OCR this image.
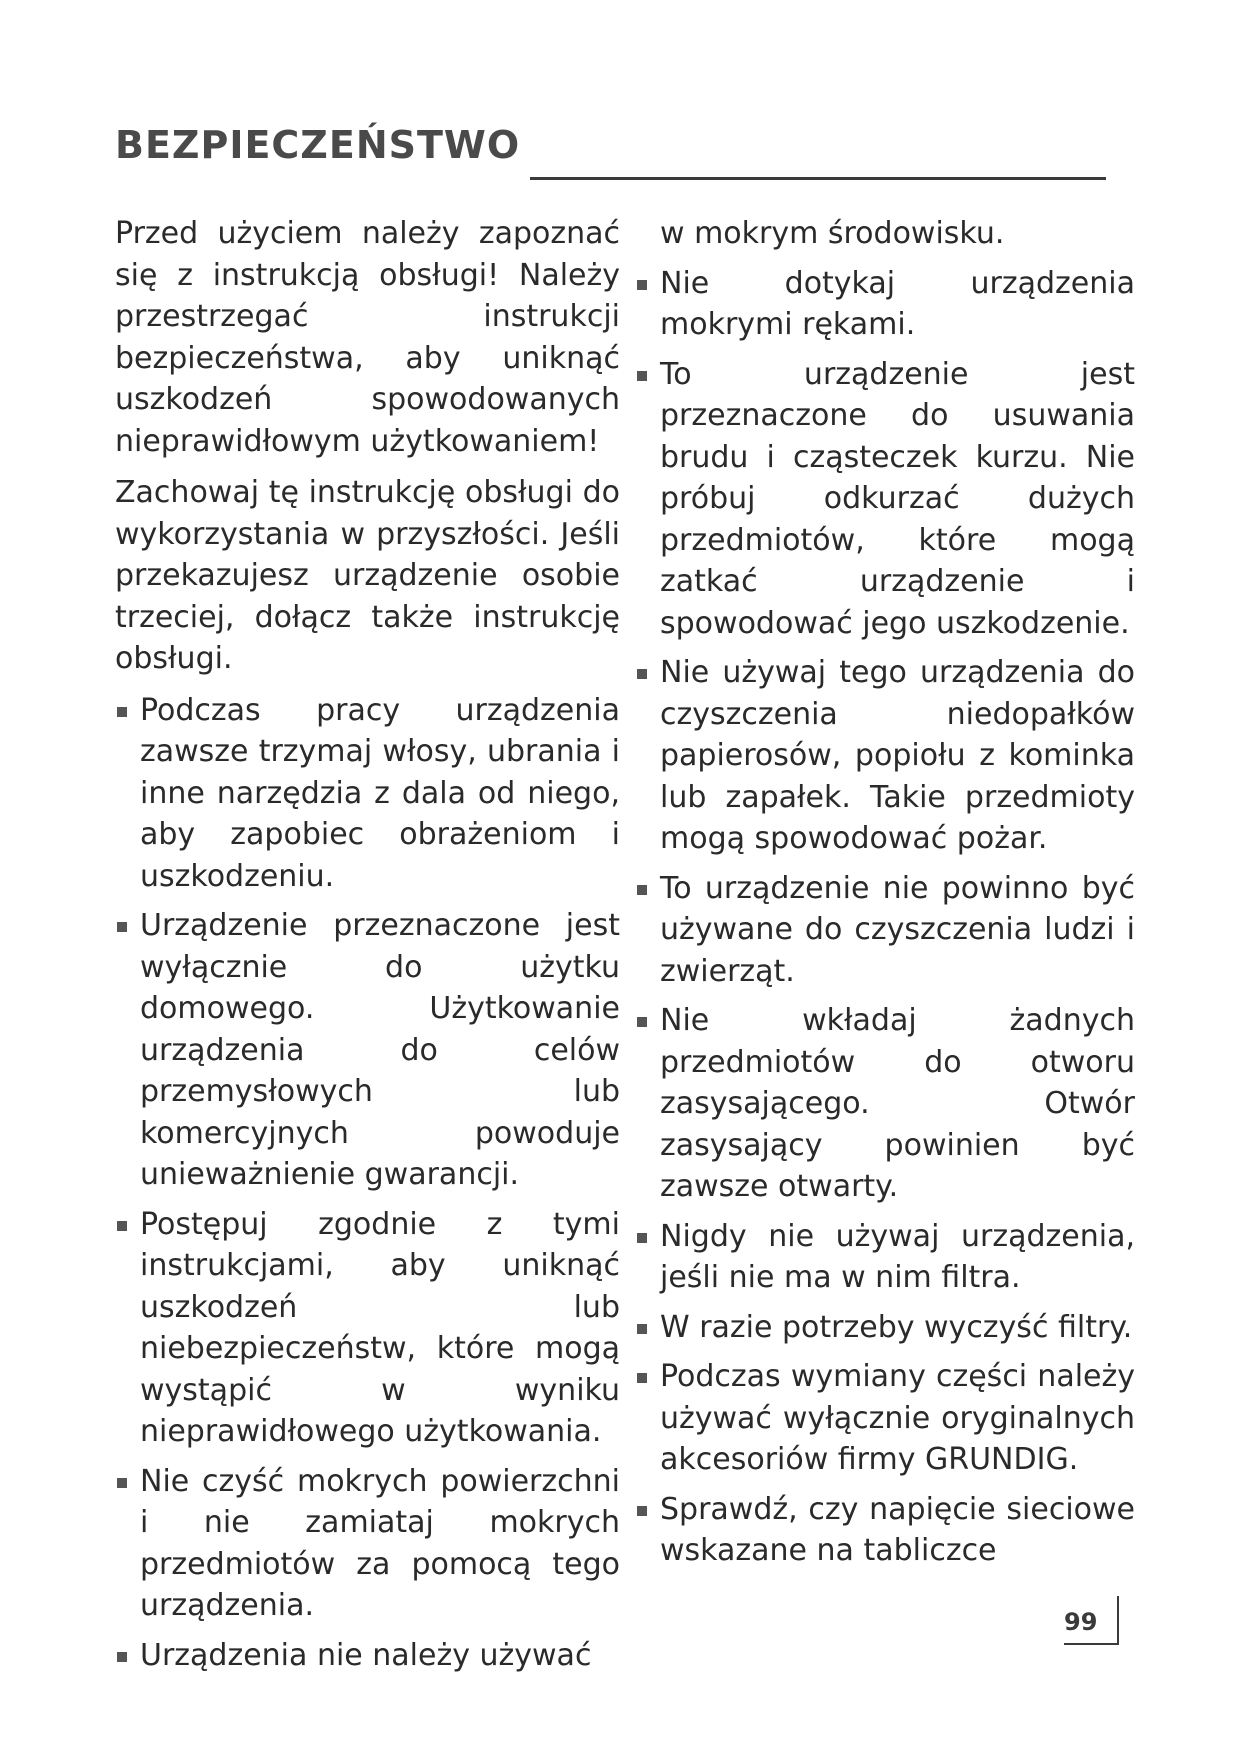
BEZPIECZEŃSTWO

Przed użyciem należy zapoznać się z instrukcją obsługi! Należy przestrzegać instrukcji bezpieczeństwa, aby uniknąć uszkodzeń spowodowanych nieprawidłowym użytkowaniem!

Zachowaj tę instrukcję obsługi do wykorzystania w przyszłości. Jeśli przekazujesz urządzenie osobie trzeciej, dołącz także instrukcję obsługi.

Podczas pracy urządzenia zawsze trzymaj włosy, ubrania i inne narzędzia z dala od niego, aby zapobiec obrażeniom i uszkodzeniu.
Urządzenie przeznaczone jest wyłącznie do użytku domowego. Użytkowanie urządzenia do celów przemysłowych lub komercyjnych powoduje unieważnienie gwarancji.
Postępuj zgodnie z tymi instrukcjami, aby uniknąć uszkodzeń lub niebezpieczeństw, które mogą wystąpić w wyniku nieprawidłowego użytkowania.
Nie czyść mokrych powierzchni i nie zamiataj mokrych przedmiotów za pomocą tego urządzenia.
Urządzenia nie należy używać
w mokrym środowisku.
Nie dotykaj urządzenia mokrymi rękami.
To urządzenie jest przeznaczone do usuwania brudu i cząsteczek kurzu. Nie próbuj odkurzać dużych przedmiotów, które mogą zatkać urządzenie i spowodować jego uszkodzenie.
Nie używaj tego urządzenia do czyszczenia niedopałków papierosów, popiołu z kominka lub zapałek. Takie przedmioty mogą spowodować pożar.
To urządzenie nie powinno być używane do czyszczenia ludzi i zwierząt.
Nie wkładaj żadnych przedmiotów do otworu zasysającego. Otwór zasysający powinien być zawsze otwarty.
Nigdy nie używaj urządzenia, jeśli nie ma w nim filtra.
W razie potrzeby wyczyść filtry.
Podczas wymiany części należy używać wyłącznie oryginalnych akcesoriów firmy GRUNDIG.
Sprawdź, czy napięcie sieciowe wskazane na tabliczce
99
